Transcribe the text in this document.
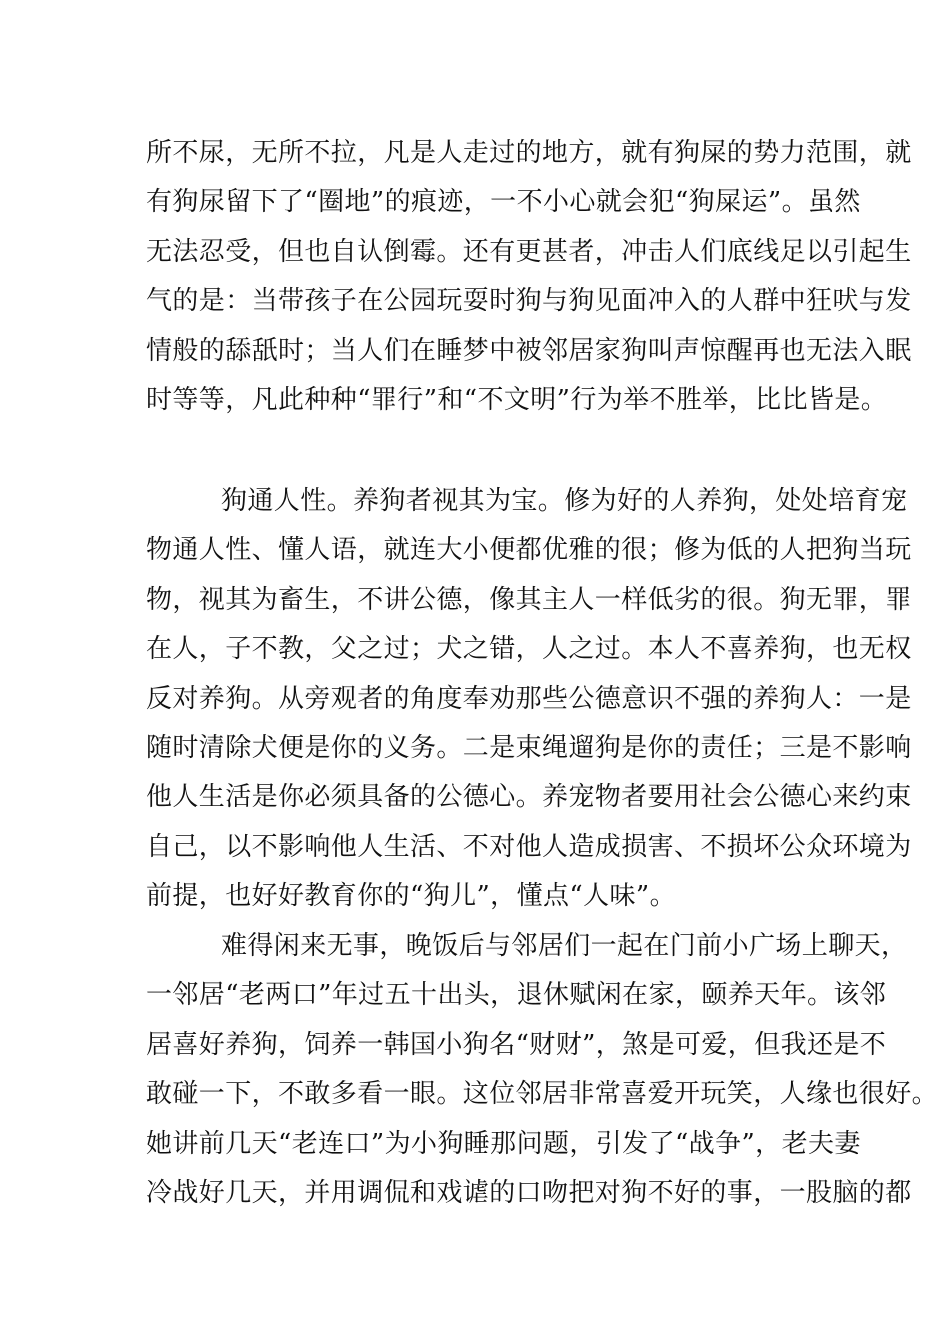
所不尿，无所不拉，凡是人走过的地方，就有狗屎的势力范围，就
有狗尿留下了“圈地”的痕迹，一不小心就会犯“狗屎运”。虽然
无法忍受，但也自认倒霉。还有更甚者，冲击人们底线足以引起生
气的是：当带孩子在公园玩耍时狗与狗见面冲入的人群中狂吠与发
情般的舔舐时；当人们在睡梦中被邻居家狗叫声惊醒再也无法入眠
时等等，凡此种种“罪行”和“不文明”行为举不胜举，比比皆是。
狗通人性。养狗者视其为宝。修为好的人养狗，处处培育宠
物通人性、懂人语，就连大小便都优雅的很；修为低的人把狗当玩
物，视其为畜生，不讲公德，像其主人一样低劣的很。狗无罪，罪
在人，子不教，父之过；犬之错，人之过。本人不喜养狗，也无权
反对养狗。从旁观者的角度奉劝那些公德意识不强的养狗人：一是
随时清除犬便是你的义务。二是束绳遛狗是你的责任；三是不影响
他人生活是你必须具备的公德心。养宠物者要用社会公德心来约束
自己，以不影响他人生活、不对他人造成损害、不损坏公众环境为
前提，也好好教育你的“狗儿”，懂点“人味”。
难得闲来无事，晚饭后与邻居们一起在门前小广场上聊天，
一邻居“老两口”年过五十出头，退休赋闲在家，颐养天年。该邻
居喜好养狗，饲养一韩国小狗名“财财”，煞是可爱，但我还是不
敢碰一下，不敢多看一眼。这位邻居非常喜爱开玩笑，人缘也很好。
她讲前几天“老连口”为小狗睡那问题，引发了“战争”，老夫妻
冷战好几天，并用调侃和戏谑的口吻把对狗不好的事，一股脑的都
